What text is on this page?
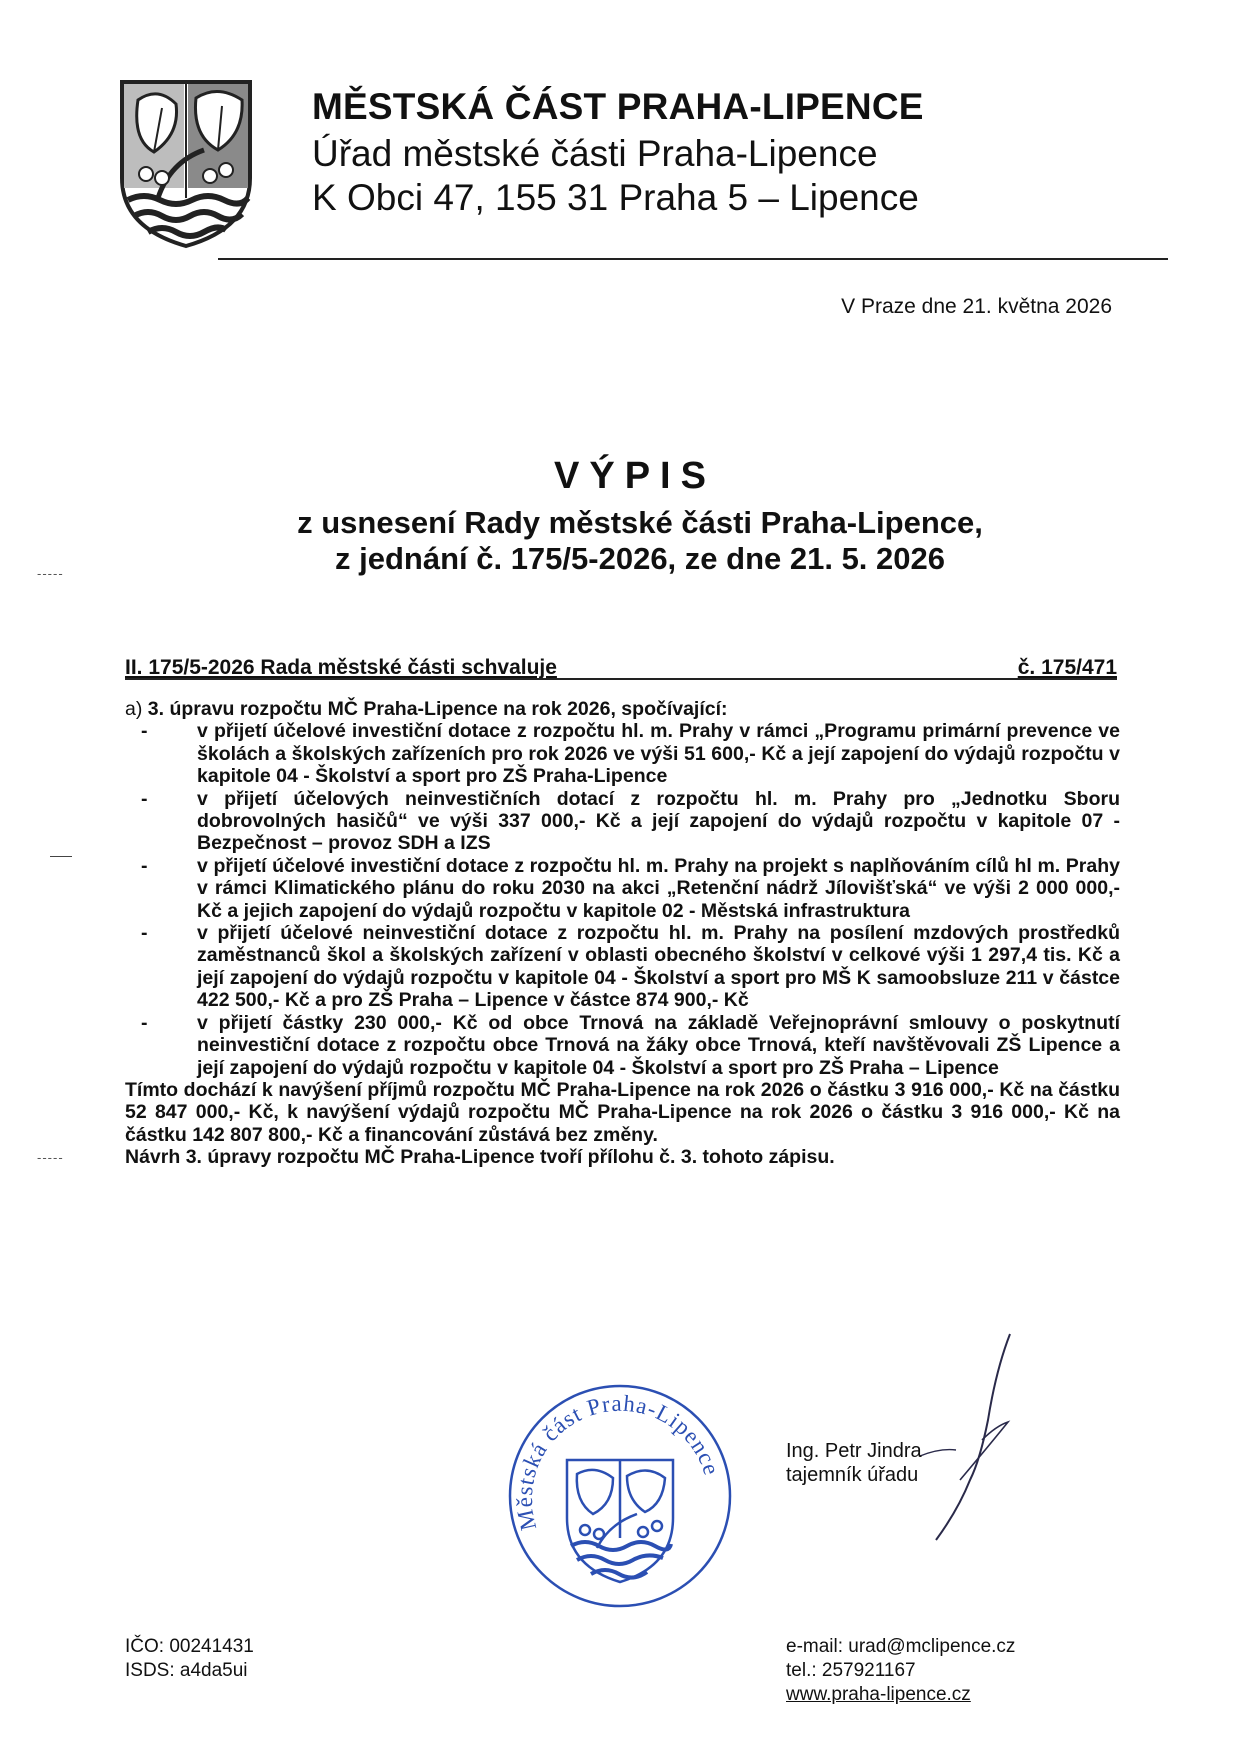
MĚSTSKÁ ČÁST PRAHA-LIPENCE
Úřad městské části Praha-Lipence
K Obci 47, 155 31 Praha 5 – Lipence
V Praze dne 21. května 2026
VÝPIS
z usnesení Rady městské části Praha-Lipence,
z jednání č. 175/5-2026, ze dne 21. 5. 2026
-----
-----
II. 175/5-2026 Rada městské části schvaluje	č. 175/471

a) 3. úpravu rozpočtu MČ Praha-Lipence na rok 2026, spočívající:

-	v přijetí účelové investiční dotace z rozpočtu hl. m. Prahy v rámci „Programu primární prevence ve školách a školských zařízeních pro rok 2026 ve výši 51 600,- Kč a její zapojení do výdajů rozpočtu v kapitole 04 - Školství a sport pro ZŠ Praha-Lipence
-	v přijetí účelových neinvestičních dotací z rozpočtu hl. m. Prahy pro „Jednotku Sboru dobrovolných hasičů“ ve výši 337 000,- Kč a její zapojení do výdajů rozpočtu v kapitole 07 - Bezpečnost – provoz SDH a IZS
-	v přijetí účelové investiční dotace z rozpočtu hl. m. Prahy na projekt s naplňováním cílů hl m. Prahy v rámci Klimatického plánu do roku 2030 na akci „Retenční nádrž Jílovišťská“ ve výši 2 000 000,- Kč a jejich zapojení do výdajů rozpočtu v kapitole 02 - Městská infrastruktura
-	v přijetí účelové neinvestiční dotace z rozpočtu hl. m. Prahy na posílení mzdových prostředků zaměstnanců škol a školských zařízení v oblasti obecného školství v celkové výši 1 297,4 tis. Kč a její zapojení do výdajů rozpočtu v kapitole 04 - Školství a sport pro MŠ K samoobsluze 211 v částce 422 500,- Kč a pro ZŠ Praha – Lipence v částce 874 900,- Kč
-	v přijetí částky 230 000,- Kč od obce Trnová na základě Veřejnoprávní smlouvy o poskytnutí neinvestiční dotace z rozpočtu obce Trnová na žáky obce Trnová, kteří navštěvovali ZŠ Lipence a její zapojení do výdajů rozpočtu v kapitole 04 - Školství a sport pro ZŠ Praha – Lipence

Tímto dochází k navýšení příjmů rozpočtu MČ Praha-Lipence na rok 2026 o částku 3 916 000,- Kč na částku 52 847 000,- Kč, k navýšení výdajů rozpočtu MČ Praha-Lipence na rok 2026 o částku 3 916 000,- Kč na částku 142 807 800,- Kč a financování zůstává bez změny.

Návrh 3. úpravy rozpočtu MČ Praha-Lipence tvoří přílohu č. 3. tohoto zápisu.

Městská část Praha-Lipence
Ing. Petr Jindra
tajemník úřadu
IČO: 00241431
ISDS: a4da5ui
e-mail: urad@mclipence.cz
tel.: 257921167
www.praha-lipence.cz
